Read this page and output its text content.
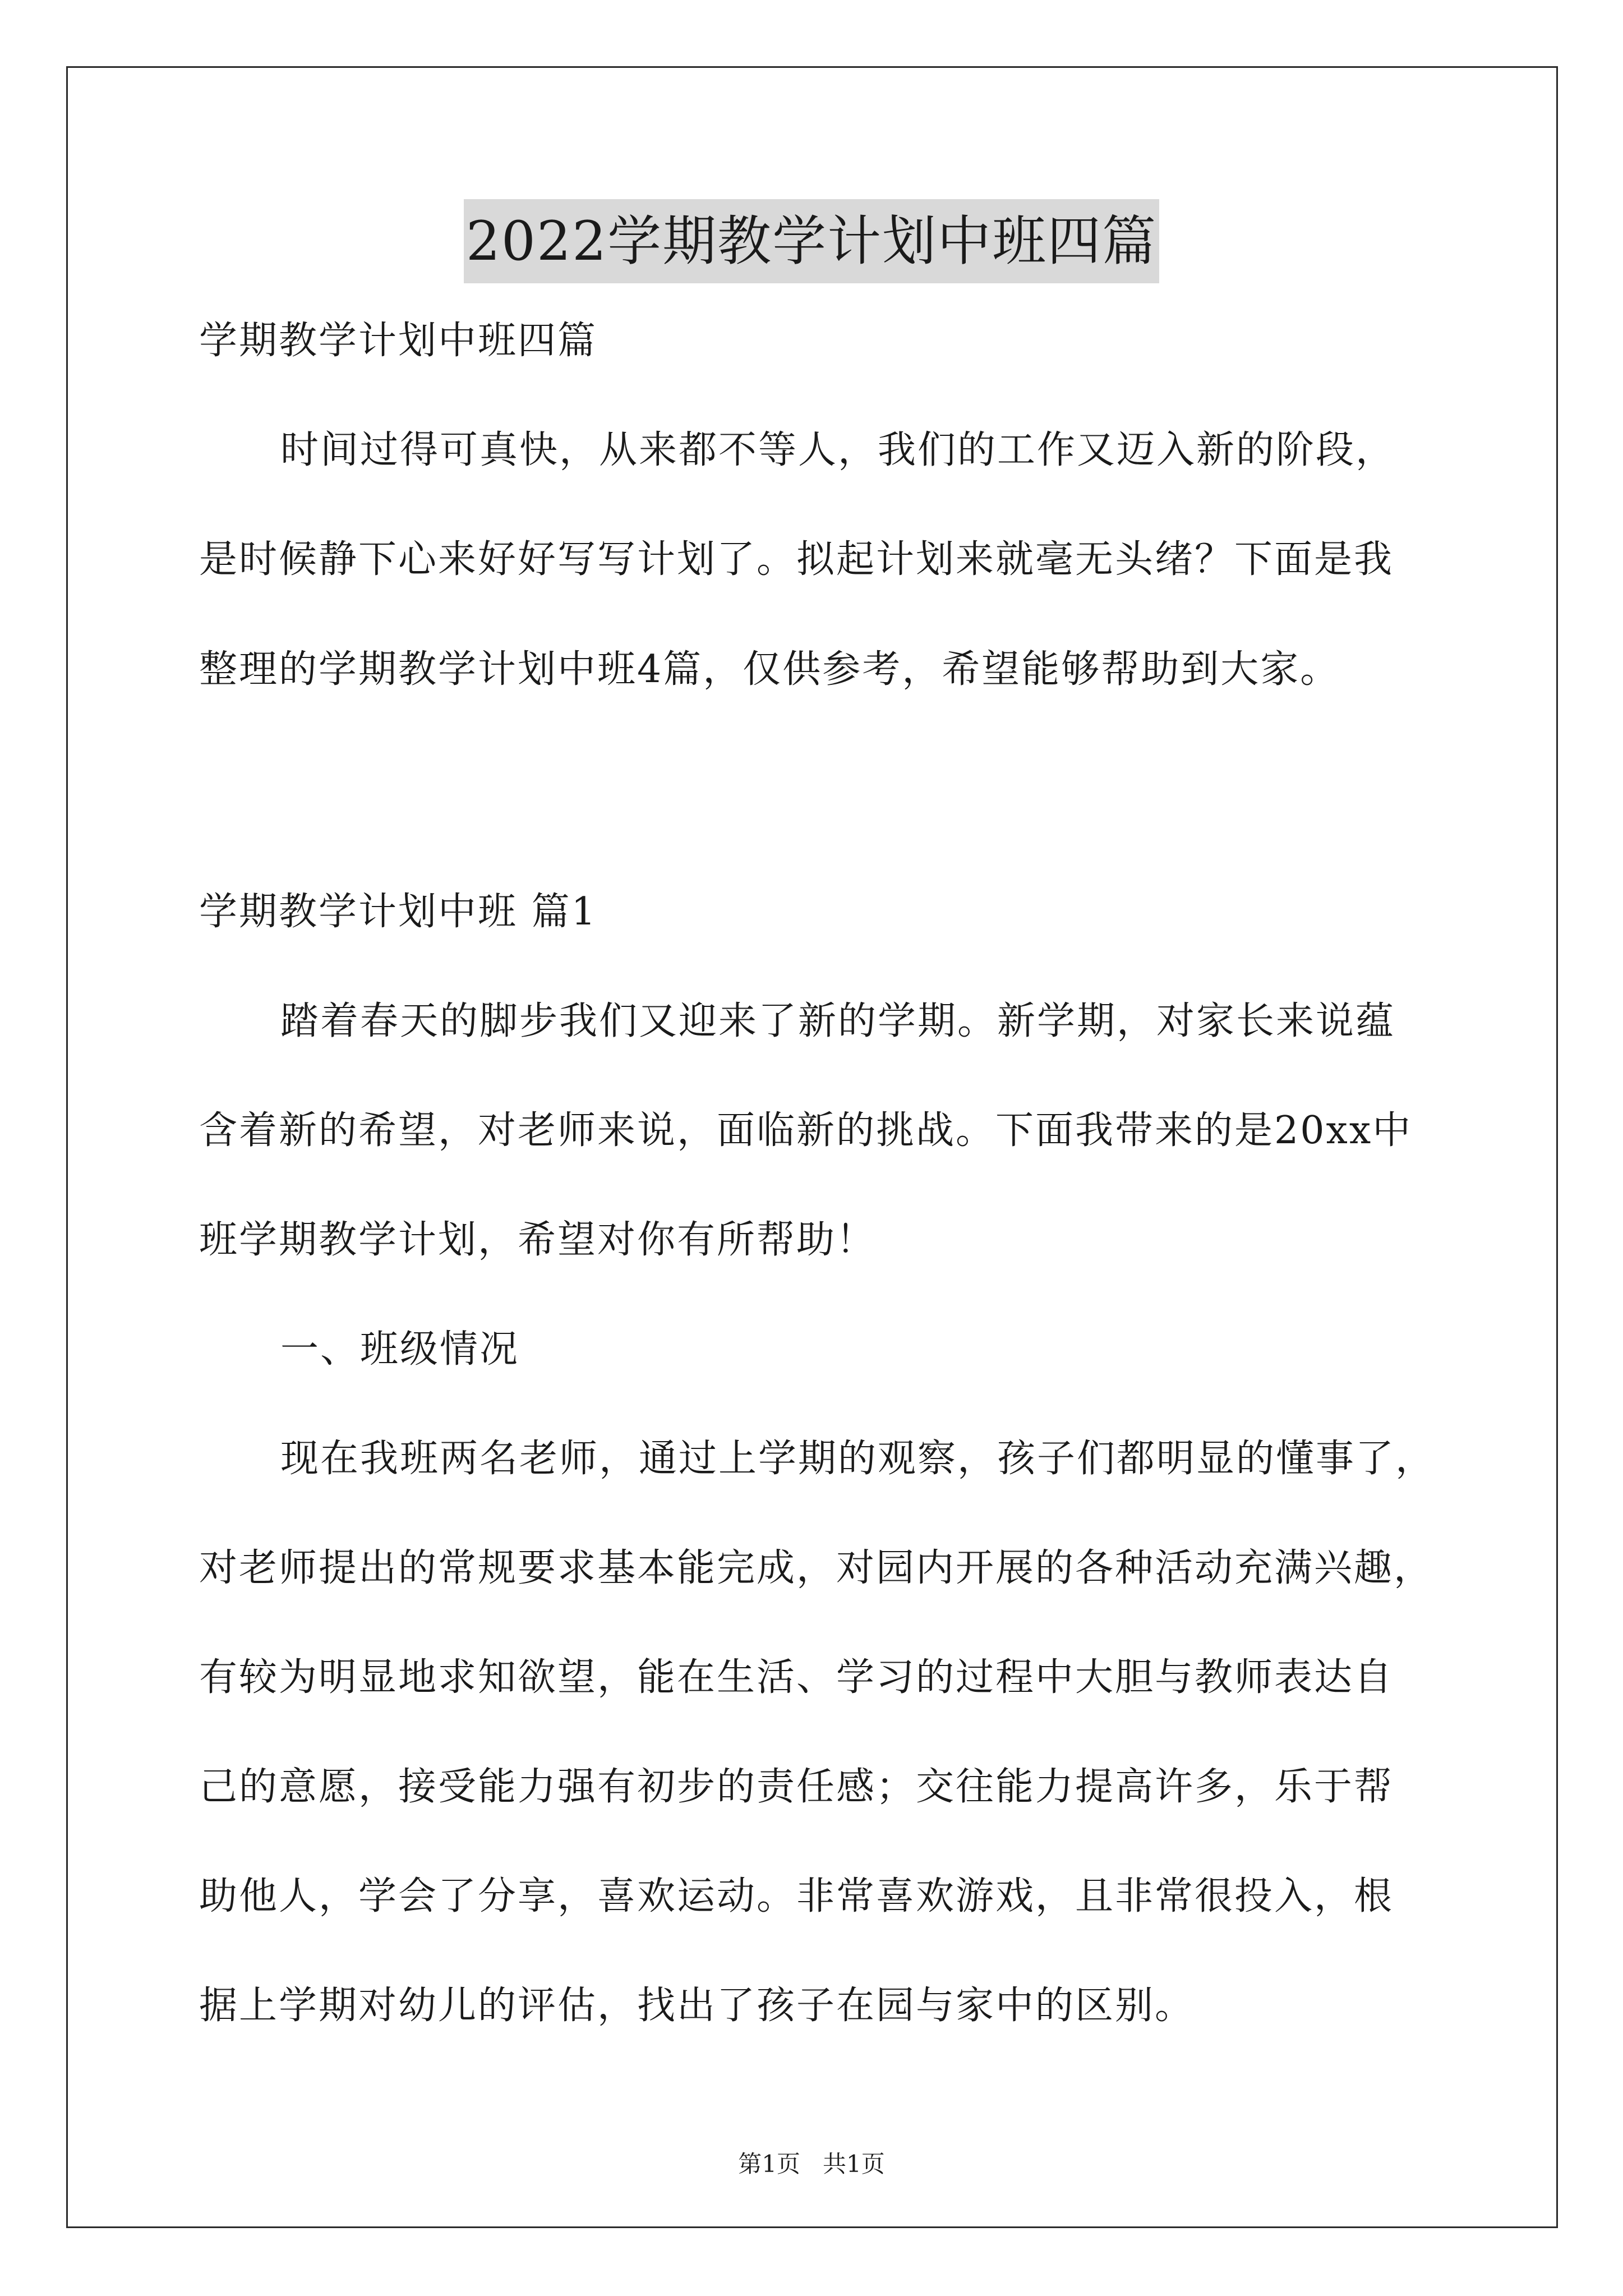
2022学期教学计划中班四篇
学期教学计划中班四篇
时间过得可真快，从来都不等人，我们的工作又迈入新的阶段，
是时候静下心来好好写写计划了。拟起计划来就毫无头绪？下面是我
整理的学期教学计划中班4篇，仅供参考，希望能够帮助到大家。
学期教学计划中班 篇1
踏着春天的脚步我们又迎来了新的学期。新学期，对家长来说蕴
含着新的希望，对老师来说，面临新的挑战。下面我带来的是20xx中
班学期教学计划，希望对你有所帮助！
一、班级情况
现在我班两名老师，通过上学期的观察，孩子们都明显的懂事了，
对老师提出的常规要求基本能完成，对园内开展的各种活动充满兴趣，
有较为明显地求知欲望，能在生活、学习的过程中大胆与教师表达自
己的意愿，接受能力强有初步的责任感；交往能力提高许多，乐于帮
助他人，学会了分享，喜欢运动。非常喜欢游戏，且非常很投入，根
据上学期对幼儿的评估，找出了孩子在园与家中的区别。
第1页   共1页
